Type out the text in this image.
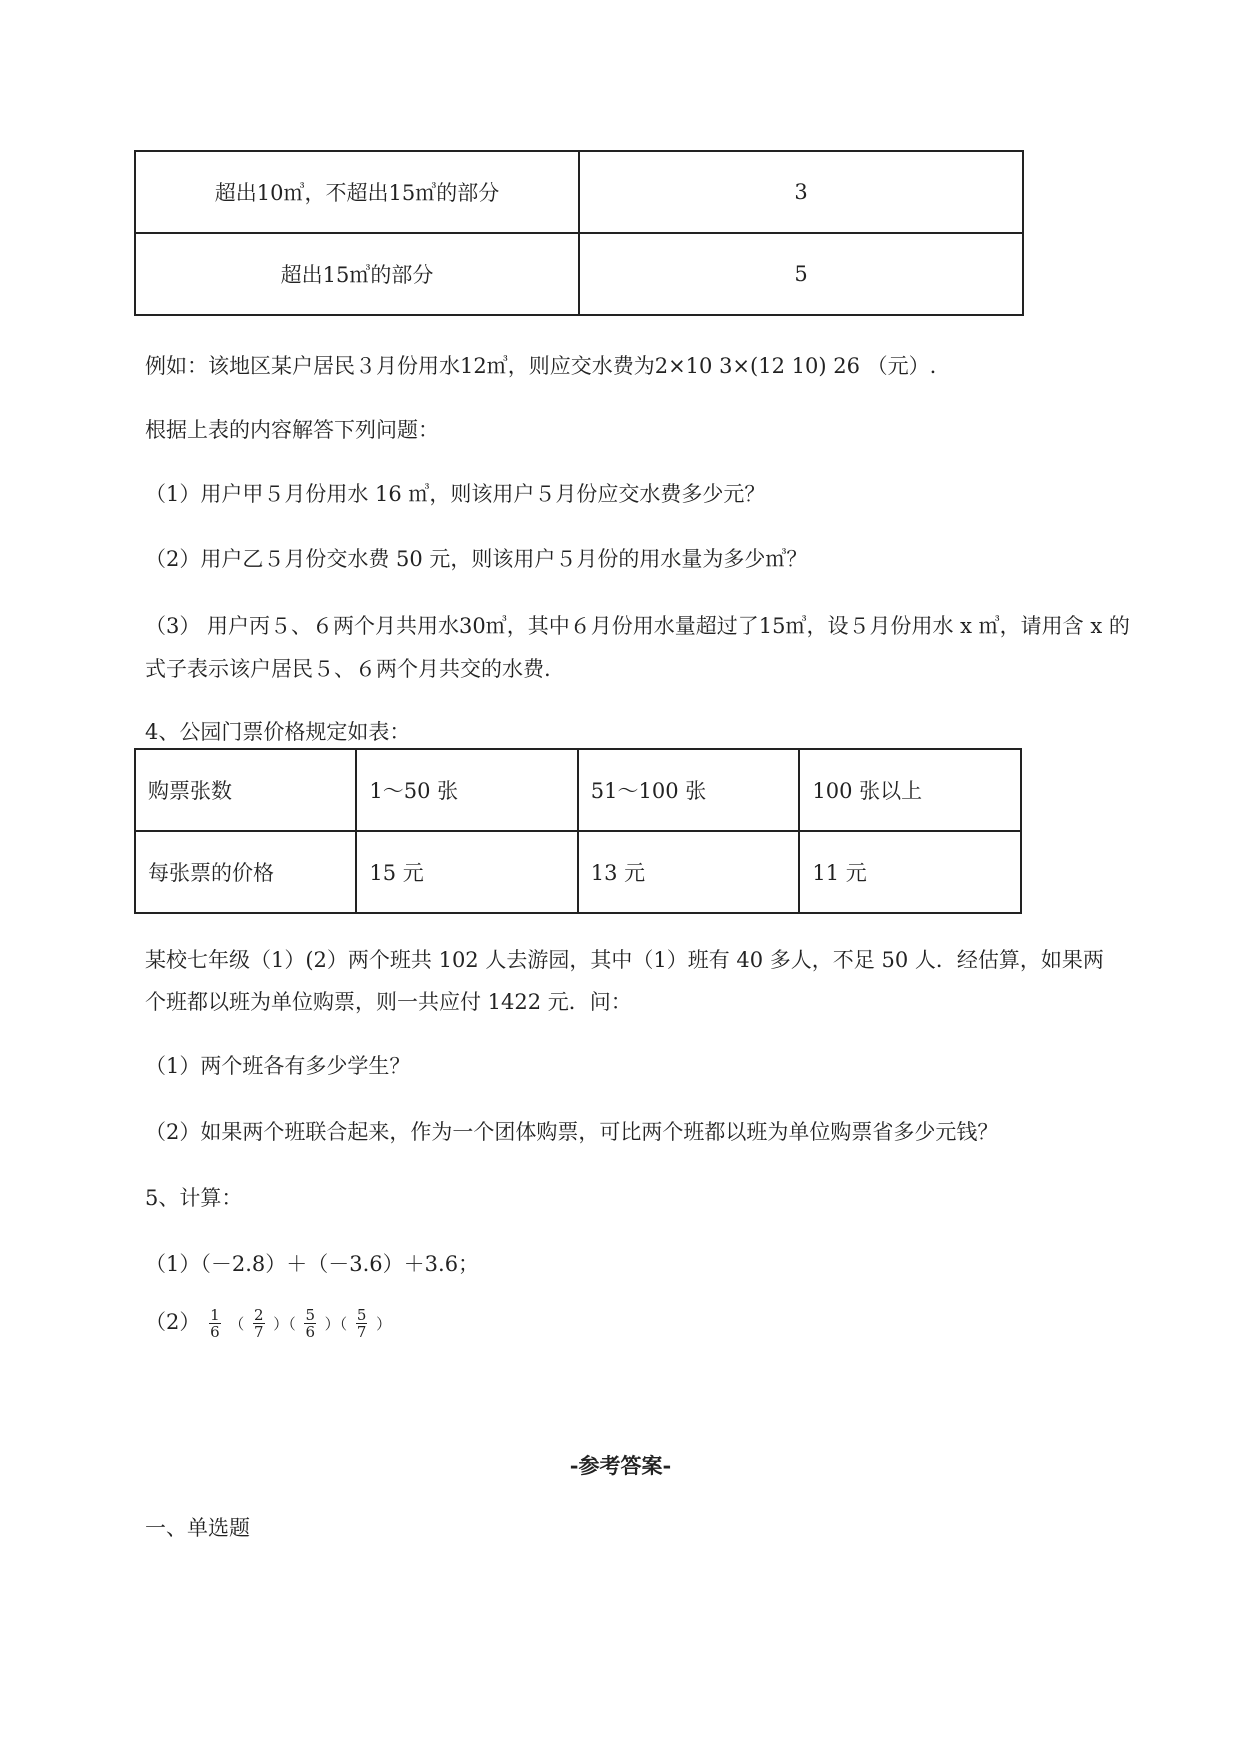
超出10㎥，不超出15㎥的部分	3
超出15㎥的部分	5
例如：该地区某户居民３月份用水12㎥，则应交水费为2×10 3×(12 10) 26 （元）.
根据上表的内容解答下列问题：
（1）用户甲５月份用水 16 ㎥，则该用户５月份应交水费多少元？
（2）用户乙５月份交水费 50 元，则该用户５月份的用水量为多少㎥？
（3） 用户丙５、６两个月共用水30㎥，其中６月份用水量超过了15㎥，设５月份用水 x ㎥，请用含 x 的
式子表示该户居民５、６两个月共交的水费.
4、公园门票价格规定如表：
购票张数	1～50 张	51～100 张	100 张以上
每张票的价格	15 元	13 元	11 元
某校七年级（1）(2）两个班共 102 人去游园，其中（1）班有 40 多人，不足 50 人．经估算，如果两
个班都以班为单位购票，则一共应付 1422 元．问：
（1）两个班各有多少学生？
（2）如果两个班联合起来，作为一个团体购票，可比两个班都以班为单位购票省多少元钱？
5、计算：
（1）（－2.8）＋（－3.6）＋3.6；
$(2) \frac{1}{6}$ （ $\frac{2}{7}$ ）（ $\frac{5}{6}$ ）（ $\frac{5}{7}$ ）
-参考答案-
一、单选题
